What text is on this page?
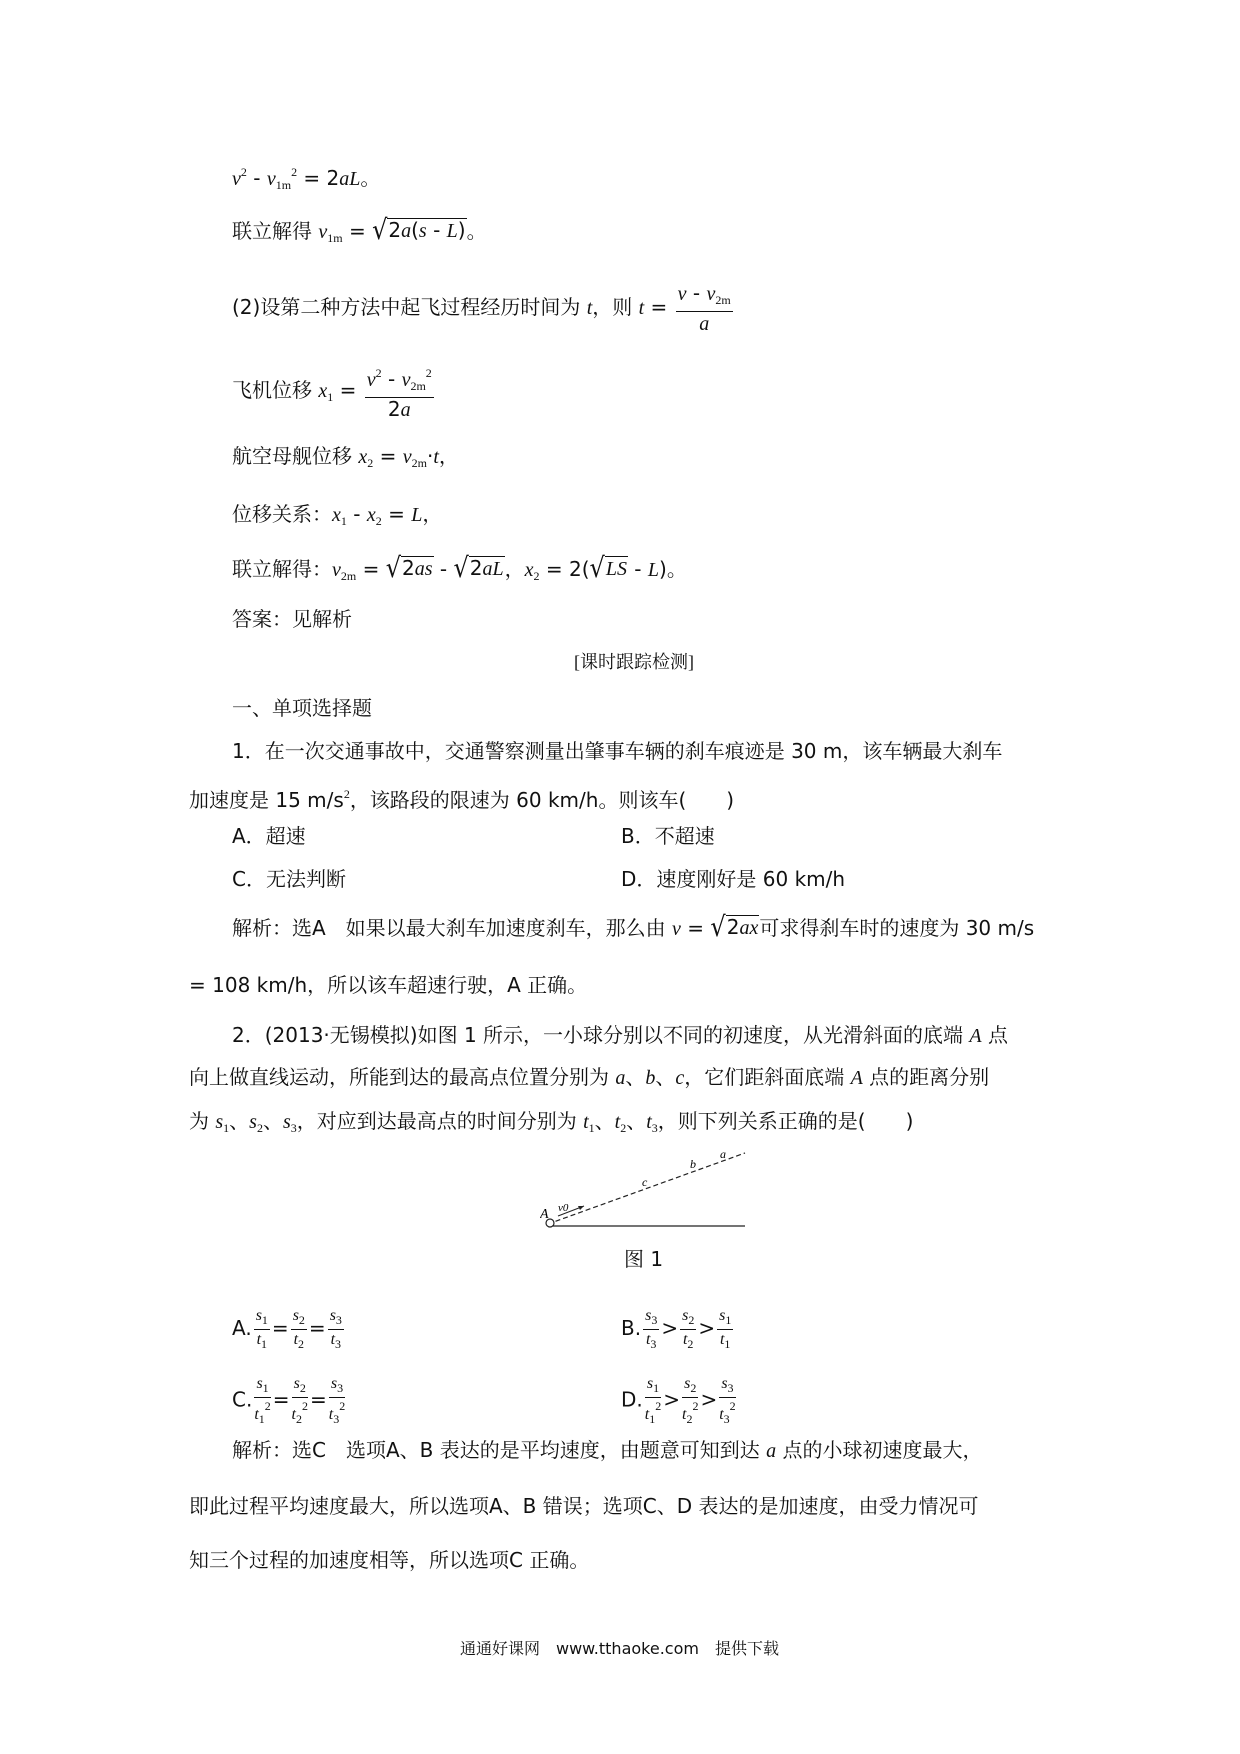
$v^2 - v_{1m}^2 = 2aL$。
联立解得 $v_{1m}$ = √ 2a(s - L) 。
(2)设第二种方法中起飞过程经历时间为 t，则 $t = \frac{v - v_{2m}}{a}$
飞机位移 $x_1 = \frac{v^2 - v_{2m}^2}{2a}$
航空母舰位移 $x_2 = v_{2m}\cdot t$，
位移关系：$x_1 - x_2 = L$，
联立解得：$v_{2m}$ = √ 2as - √ 2aL ，$x_2 = 2$( √ LS - L)。
答案：见解析
[课时跟踪检测]
一、单项选择题
1．在一次交通事故中，交通警察测量出肇事车辆的刹车痕迹是 30 m，该车辆最大刹车
加速度是 15 $m/s^2$，该路段的限速为 60 km/h。则该车(　　)
A．超速	B．不超速
C．无法判断	D．速度刚好是 60 km/h
解析：选A　如果以最大刹车加速度刹车，那么由 v = √ 2ax 可求得刹车时的速度为 30 m/s
= 108 km/h，所以该车超速行驶，A 正确。
2．(2013·无锡模拟)如图 1 所示，一小球分别以不同的初速度，从光滑斜面的底端 A 点
向上做直线运动，所能到达的最高点位置分别为 a、b、c，它们距斜面底端 A 点的距离分别
为 $s_1$、$s_2$、$s_3$，对应到达最高点的时间分别为 $t_1$、$t_2$、$t_3$，则下列关系正确的是(　　)
A v0
c
b
a
图 1
A. $\frac{s_1}{t_1} = \frac{s_2}{t_2} = \frac{s_3}{t_3}$	B. $\frac{s_3}{t_3} > \frac{s_2}{t_2} > \frac{s_1}{t_1}$
C. $\frac{s_1}{t_1^2} = \frac{s_2}{t_2^2} = \frac{s_3}{t_3^2}$	D. $\frac{s_1}{t_1^2} > \frac{s_2}{t_2^2} > \frac{s_3}{t_3^2}$
解析：选C　选项A、B 表达的是平均速度，由题意可知到达 a 点的小球初速度最大，
即此过程平均速度最大，所以选项A、B 错误；选项C、D 表达的是加速度，由受力情况可
知三个过程的加速度相等，所以选项C 正确。
通通好课网　www.tthaoke.com　提供下载
